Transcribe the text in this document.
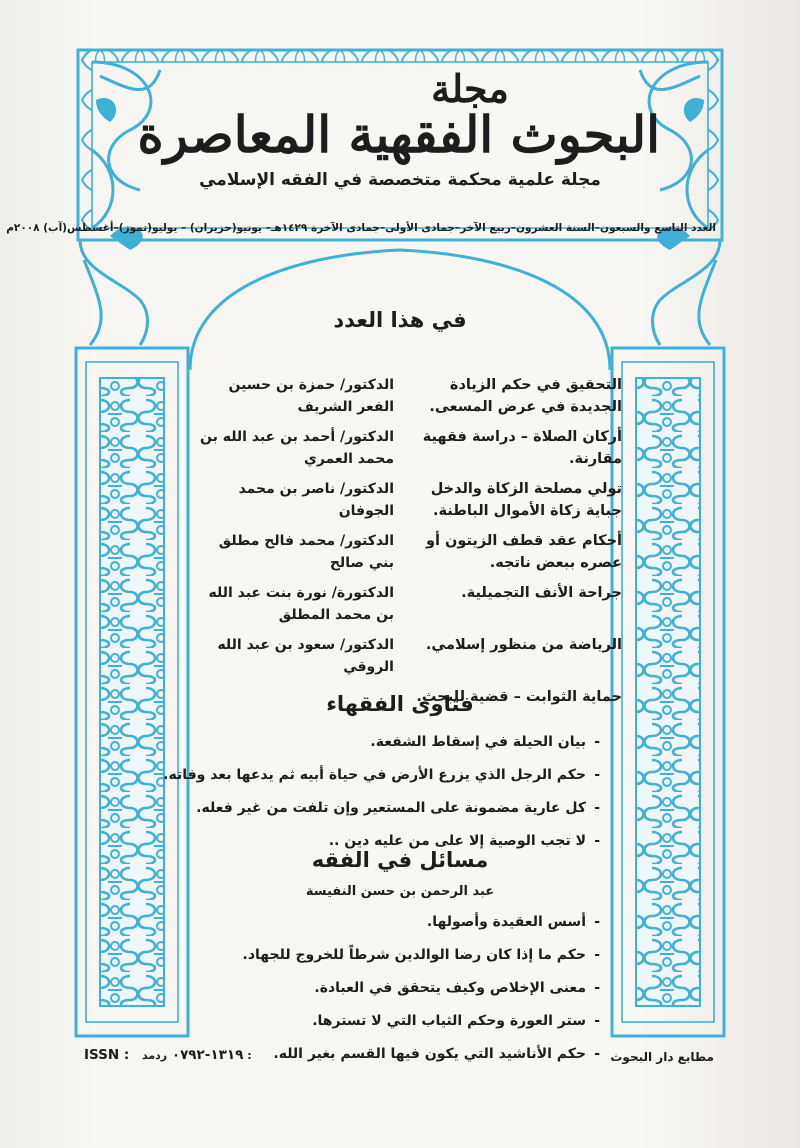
مجلة
البحوث الفقهية المعاصرة
مجلة علمية محكمة متخصصة في الفقه الإسلامي
العدد التاسع والسبعون–السنة العشرون–ربيع الآخر–جمادى الأولى–جمادى الآخرة ١٤٢٩هـ– يونيو(حزيران) – يوليو(تموز)–أغسطس(آب) ٢٠٠٨م
في هذا العدد
التحقيق في حكم الزيادة الجديدة في عرض المسعى.
الدكتور/ حمزة بن حسين الفعر الشريف
أركان الصلاة – دراسة فقهية مقارنة.
الدكتور/ أحمد بن عبد الله بن محمد العمري
تولي مصلحة الزكاة والدخل جباية زكاة الأموال الباطنة.
الدكتور/ ناصر بن محمد الجوفان
أحكام عقد قطف الزيتون أو عصره ببعض ناتجه.
الدكتور/ محمد فالح مطلق بني صالح
جراحة الأنف التجميلية.
الدكتورة/ نورة بنت عبد الله بن محمد المطلق
الرياضة من منظور إسلامي.
الدكتور/ سعود بن عبد الله الروقي
حماية الثوابت – قضية للبحث.
فتاوى الفقهاء
- بيان الحيلة في إسقاط الشفعة.
- حكم الرجل الذي يزرع الأرض في حياة أبيه ثم يدعها بعد وفاته.
- كل عارية مضمونة على المستعير وإن تلفت من غير فعله.
- لا تجب الوصية إلا على من عليه دين ..
مسائل في الفقه
عبد الرحمن بن حسن النفيسة
- أسس العقيدة وأصولها.
- حكم ما إذا كان رضا الوالدين شرطاً للخروج للجهاد.
- معنى الإخلاص وكيف يتحقق في العبادة.
- ستر العورة وحكم الثياب التي لا تسترها.
- حكم الأناشيد التي يكون فيها القسم بغير الله.	مطابع دار البحوث
ISSN : ١٣١٩-٠٧٩٢ ردمد :
